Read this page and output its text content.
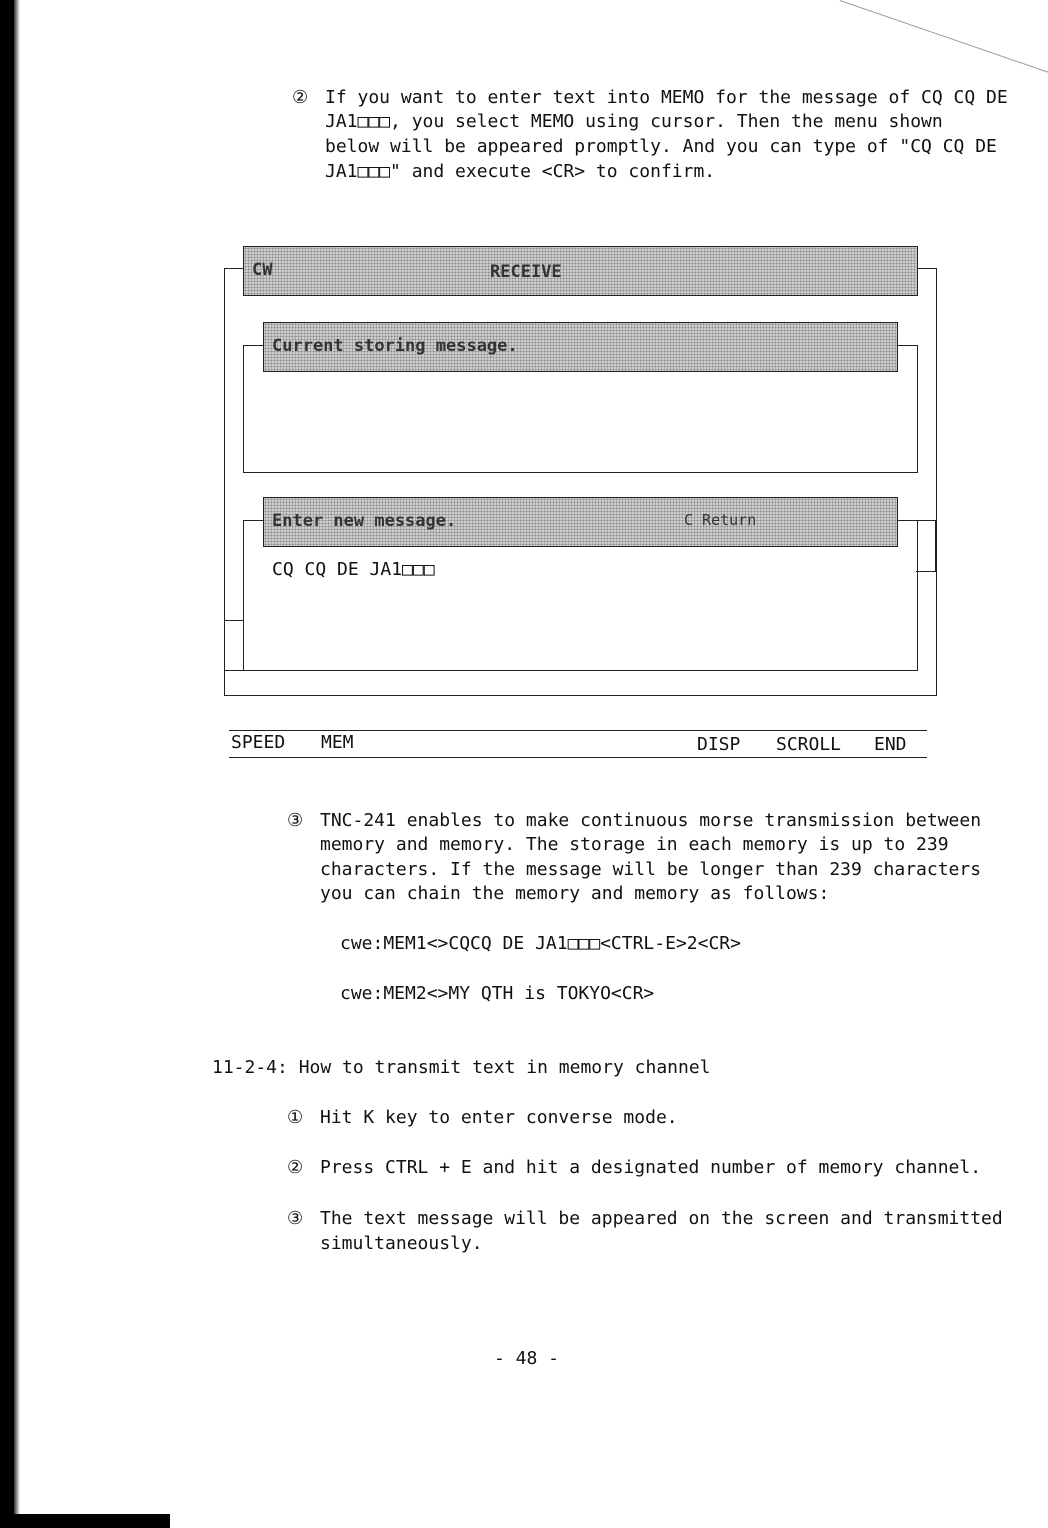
② If you want to enter text into MEMO for the message of CQ CQ DE
JA1□□□, you select MEMO using cursor. Then the menu shown
below will be appeared promptly. And you can type of "CQ CQ DE
JA1□□□" and execute <CR> to confirm.
CW	RECEIVE
Current storing message.
Enter new message.	C Return
CQ CQ DE JA1□□□
SPEED MEM	DISP SCROLL END
③ TNC-241 enables to make continuous morse transmission between
memory and memory. The storage in each memory is up to 239
characters. If the message will be longer than 239 characters
you can chain the memory and memory as follows:
cwe:MEM1<>CQCQ DE JA1□□□<CTRL-E>2<CR>
cwe:MEM2<>MY QTH is TOKYO<CR>
11-2-4: How to transmit text in memory channel
① Hit K key to enter converse mode.
② Press CTRL + E and hit a designated number of memory channel.
③ The text message will be appeared on the screen and transmitted
simultaneously.
- 48 -
